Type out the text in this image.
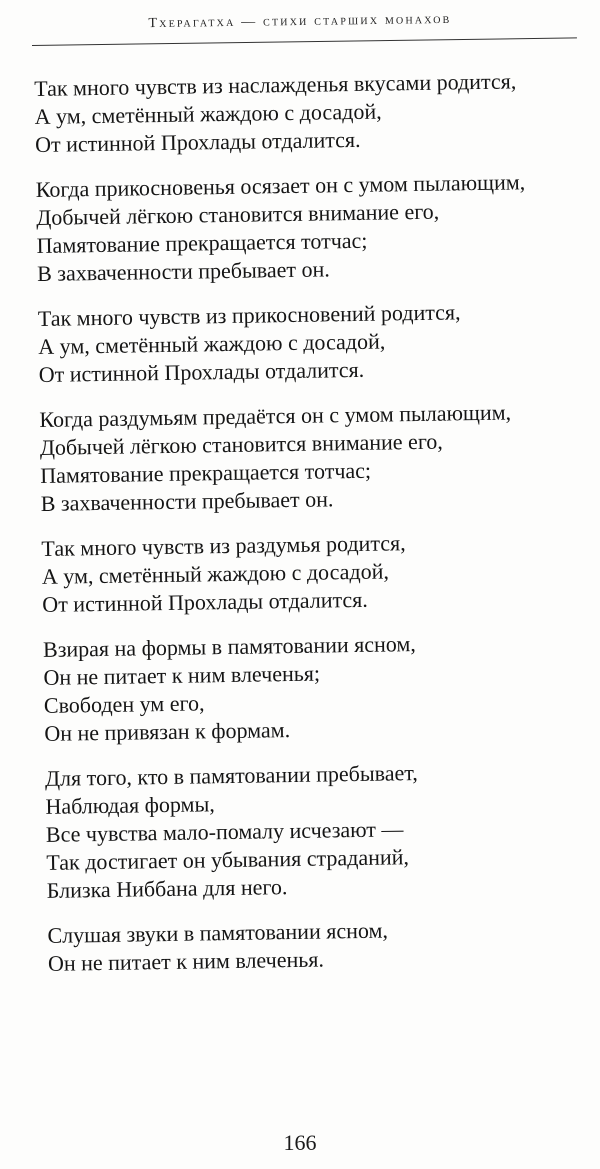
Тхерагатха — стихи старших монахов
Так много чувств из наслажденья вкусами родится,
А ум, сметённый жаждою с досадой,
От истинной Прохлады отдалится.
Когда прикосновенья осязает он с умом пылающим,
Добычей лёгкою становится внимание его,
Памятование прекращается тотчас;
В захваченности пребывает он.
Так много чувств из прикосновений родится,
А ум, сметённый жаждою с досадой,
От истинной Прохлады отдалится.
Когда раздумьям предаётся он с умом пылающим,
Добычей лёгкою становится внимание его,
Памятование прекращается тотчас;
В захваченности пребывает он.
Так много чувств из раздумья родится,
А ум, сметённый жаждою с досадой,
От истинной Прохлады отдалится.
Взирая на формы в памятовании ясном,
Он не питает к ним влеченья;
Свободен ум его,
Он не привязан к формам.
Для того, кто в памятовании пребывает,
Наблюдая формы,
Все чувства мало-помалу исчезают —
Так достигает он убывания страданий,
Близка Ниббана для него.
Слушая звуки в памятовании ясном,
Он не питает к ним влеченья.
166
